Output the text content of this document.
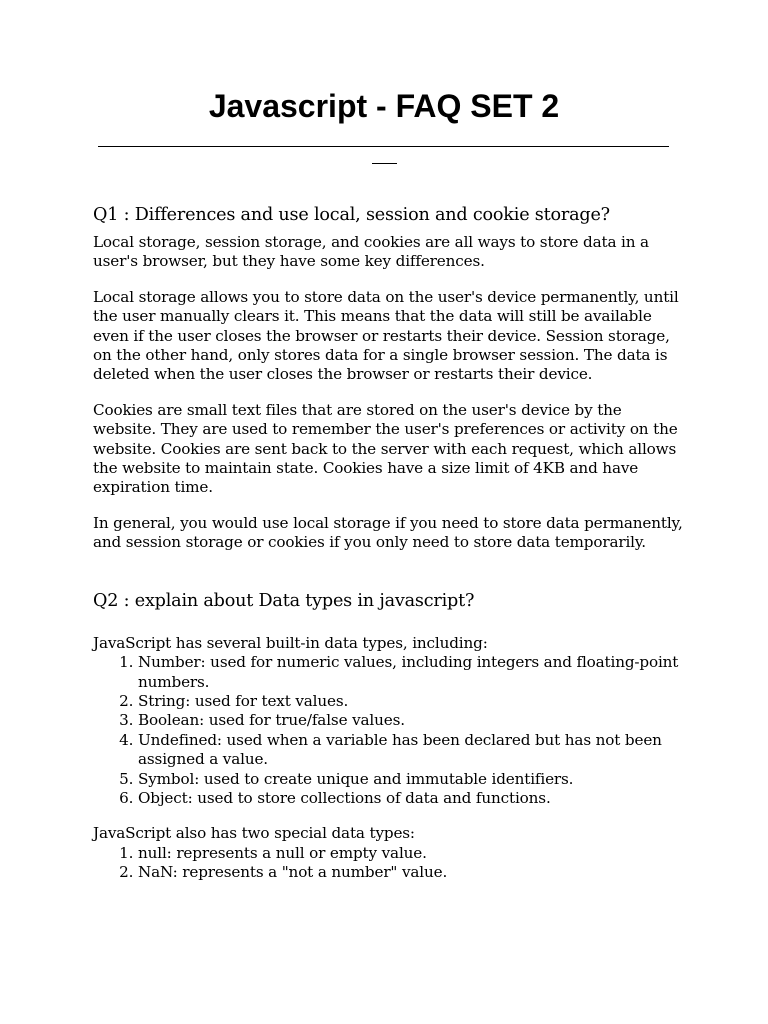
Javascript - FAQ SET 2
Q1 : Differences and use local, session and cookie storage?

Local storage, session storage, and cookies are all ways to store data in a user's browser, but they have some key differences.

Local storage allows you to store data on the user's device permanently, until the user manually clears it. This means that the data will still be available even if the user closes the browser or restarts their device. Session storage, on the other hand, only stores data for a single browser session. The data is deleted when the user closes the browser or restarts their device.

Cookies are small text files that are stored on the user's device by the website. They are used to remember the user's preferences or activity on the website. Cookies are sent back to the server with each request, which allows the website to maintain state. Cookies have a size limit of 4KB and have expiration time.

In general, you would use local storage if you need to store data permanently, and session storage or cookies if you only need to store data temporarily.

Q2 : explain about Data types in javascript?

JavaScript has several built-in data types, including:

1. Number: used for numeric values, including integers and floating-point numbers.
2. String: used for text values.
3. Boolean: used for true/false values.
4. Undefined: used when a variable has been declared but has not been assigned a value.
5. Symbol: used to create unique and immutable identifiers.
6. Object: used to store collections of data and functions.

JavaScript also has two special data types:

1. null: represents a null or empty value.
2. NaN: represents a "not a number" value.
